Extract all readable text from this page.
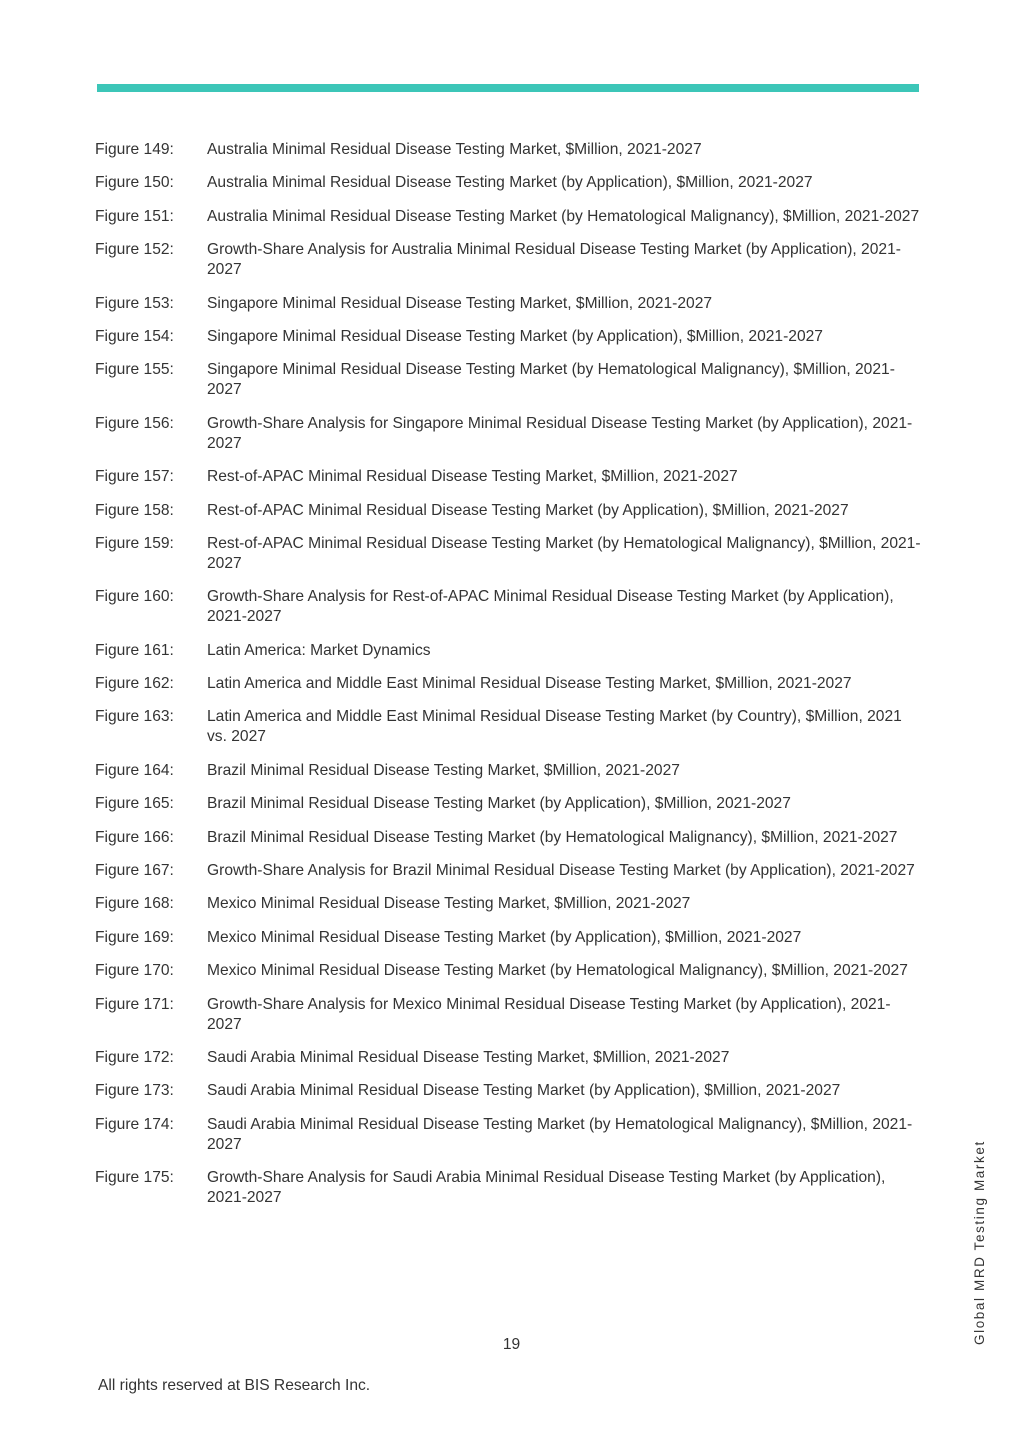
Figure 149:	Australia Minimal Residual Disease Testing Market, $Million, 2021-2027
Figure 150:	Australia Minimal Residual Disease Testing Market (by Application), $Million, 2021-2027
Figure 151:	Australia Minimal Residual Disease Testing Market (by Hematological Malignancy), $Million, 2021-2027
Figure 152:	Growth-Share Analysis for Australia Minimal Residual Disease Testing Market (by Application), 2021-2027
Figure 153:	Singapore Minimal Residual Disease Testing Market, $Million, 2021-2027
Figure 154:	Singapore Minimal Residual Disease Testing Market (by Application), $Million, 2021-2027
Figure 155:	Singapore Minimal Residual Disease Testing Market (by Hematological Malignancy), $Million, 2021-2027
Figure 156:	Growth-Share Analysis for Singapore Minimal Residual Disease Testing Market (by Application), 2021-2027
Figure 157:	Rest-of-APAC Minimal Residual Disease Testing Market, $Million, 2021-2027
Figure 158:	Rest-of-APAC Minimal Residual Disease Testing Market (by Application), $Million, 2021-2027
Figure 159:	Rest-of-APAC Minimal Residual Disease Testing Market (by Hematological Malignancy), $Million, 2021-2027
Figure 160:	Growth-Share Analysis for Rest-of-APAC Minimal Residual Disease Testing Market (by Application), 2021-2027
Figure 161:	Latin America: Market Dynamics
Figure 162:	Latin America and Middle East Minimal Residual Disease Testing Market, $Million, 2021-2027
Figure 163:	Latin America and Middle East Minimal Residual Disease Testing Market (by Country), $Million, 2021 vs. 2027
Figure 164:	Brazil Minimal Residual Disease Testing Market, $Million, 2021-2027
Figure 165:	Brazil Minimal Residual Disease Testing Market (by Application), $Million, 2021-2027
Figure 166:	Brazil Minimal Residual Disease Testing Market (by Hematological Malignancy), $Million, 2021-2027
Figure 167:	Growth-Share Analysis for Brazil Minimal Residual Disease Testing Market (by Application), 2021-2027
Figure 168:	Mexico Minimal Residual Disease Testing Market, $Million, 2021-2027
Figure 169:	Mexico Minimal Residual Disease Testing Market (by Application), $Million, 2021-2027
Figure 170:	Mexico Minimal Residual Disease Testing Market (by Hematological Malignancy), $Million, 2021-2027
Figure 171:	Growth-Share Analysis for Mexico Minimal Residual Disease Testing Market (by Application), 2021-2027
Figure 172:	Saudi Arabia Minimal Residual Disease Testing Market, $Million, 2021-2027
Figure 173:	Saudi Arabia Minimal Residual Disease Testing Market (by Application), $Million, 2021-2027
Figure 174:	Saudi Arabia Minimal Residual Disease Testing Market (by Hematological Malignancy), $Million, 2021-2027
Figure 175:	Growth-Share Analysis for Saudi Arabia Minimal Residual Disease Testing Market (by Application), 2021-2027
19
All rights reserved at BIS Research Inc.
Global MRD Testing Market
